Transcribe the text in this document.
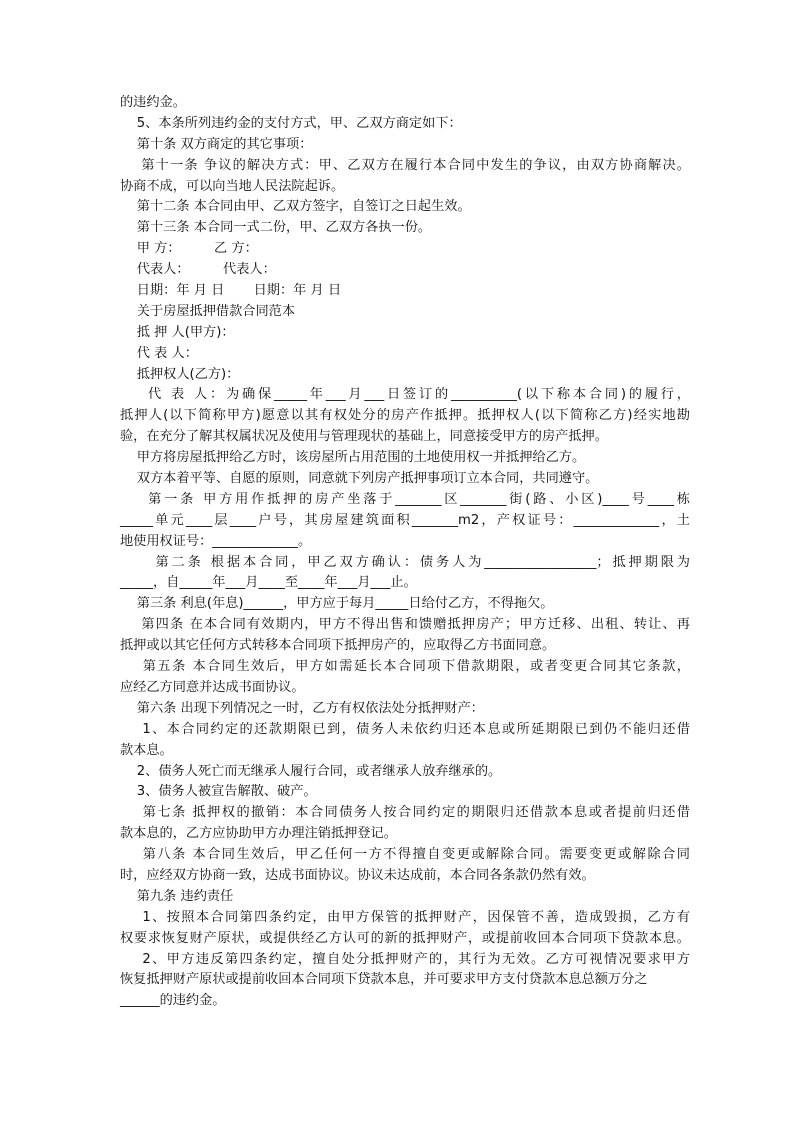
的违约金。
5、本条所列违约金的支付方式，甲、乙双方商定如下：
第十条 双方商定的其它事项：
第十一条 争议的解决方式：甲、乙双方在履行本合同中发生的争议，由双方协商解决。
协商不成，可以向当地人民法院起诉。
第十二条 本合同由甲、乙双方签字，自签订之日起生效。
第十三条 本合同一式二份，甲、乙双方各执一份。
甲 方：        乙 方：
代表人：        代表人：
日期：年 月 日       日期：年 月 日
关于房屋抵押借款合同范本
抵 押 人(甲方)：
代 表 人：
抵押权人(乙方)：
代 表 人：为确保_____年___月___日签订的__________(以下称本合同)的履行，
抵押人(以下简称甲方)愿意以其有权处分的房产作抵押。抵押权人(以下简称乙方)经实地勘
验，在充分了解其权属状况及使用与管理现状的基础上，同意接受甲方的房产抵押。
甲方将房屋抵押给乙方时，该房屋所占用范围的土地使用权一并抵押给乙方。
双方本着平等、自愿的原则，同意就下列房产抵押事项订立本合同，共同遵守。
第一条 甲方用作抵押的房产坐落于_______区_______街(路、小区)____号____栋
_____单元____层____户号，其房屋建筑面积_______m2，产权证号：_____________，土
地使用权证号：_____________。
第二条 根据本合同，甲乙双方确认：债务人为_________________；抵押期限为
_____，自_____年___月____至____年___月___止。
第三条 利息(年息)______，甲方应于每月_____日给付乙方，不得拖欠。
第四条 在本合同有效期内，甲方不得出售和馈赠抵押房产；甲方迁移、出租、转让、再
抵押或以其它任何方式转移本合同项下抵押房产的，应取得乙方书面同意。
第五条 本合同生效后，甲方如需延长本合同项下借款期限，或者变更合同其它条款，
应经乙方同意并达成书面协议。
第六条 出现下列情况之一时，乙方有权依法处分抵押财产：
1、本合同约定的还款期限已到，债务人未依约归还本息或所延期限已到仍不能归还借
款本息。
2、债务人死亡而无继承人履行合同，或者继承人放弃继承的。
3、债务人被宣告解散、破产。
第七条 抵押权的撤销：本合同债务人按合同约定的期限归还借款本息或者提前归还借
款本息的，乙方应协助甲方办理注销抵押登记。
第八条 本合同生效后，甲乙任何一方不得擅自变更或解除合同。需要变更或解除合同
时，应经双方协商一致，达成书面协议。协议未达成前，本合同各条款仍然有效。
第九条 违约责任
1、按照本合同第四条约定，由甲方保管的抵押财产，因保管不善，造成毁损，乙方有
权要求恢复财产原状，或提供经乙方认可的新的抵押财产，或提前收回本合同项下贷款本息。
2、甲方违反第四条约定，擅自处分抵押财产的，其行为无效。乙方可视情况要求甲方
恢复抵押财产原状或提前收回本合同项下贷款本息，并可要求甲方支付贷款本息总额万分之
______的违约金。
